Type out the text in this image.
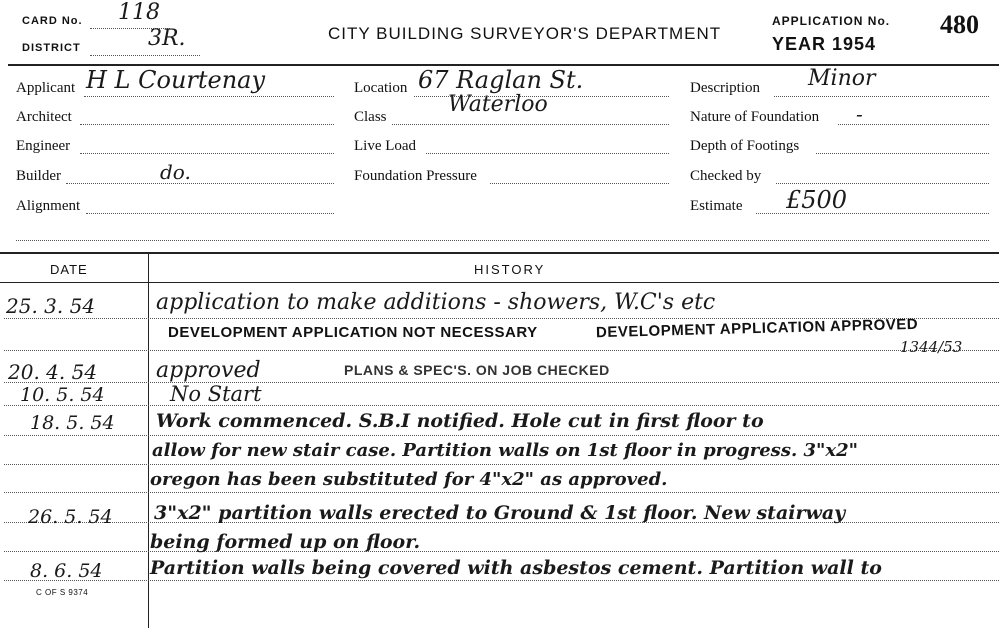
CARD No. 118
DISTRICT	3R.	CITY BUILDING SURVEYOR'S DEPARTMENT
APPLICATION No. 480
YEAR 1954
Applicant H L Courtenay
Architect
Engineer
Builder	do.
Alignment
Location 67 Raglan St.
Class	Waterloo
Live Load
Foundation Pressure
Description Minor
Nature of Foundation -
Depth of Footings
Checked by
Estimate £500
DATE	HISTORY
25. 3. 54	application to make additions - showers, W.C's etc
DEVELOPMENT APPLICATION NOT NECESSARY	DEVELOPMENT APPLICATION APPROVED
1344/53
20. 4. 54	approved	PLANS & SPEC'S. ON JOB CHECKED
10. 5. 54	No Start
18. 5. 54 Work commenced. S.B.I notified. Hole cut in first floor to
allow for new stair case. Partition walls on 1st floor in progress. 3"x2"
oregon has been substituted for 4"x2" as approved.
26. 5. 54 3"x2" partition walls erected to Ground & 1st floor. New stairway
being formed up on floor.
8. 6. 54 Partition walls being covered with asbestos cement. Partition wall to
C OF S 9374
